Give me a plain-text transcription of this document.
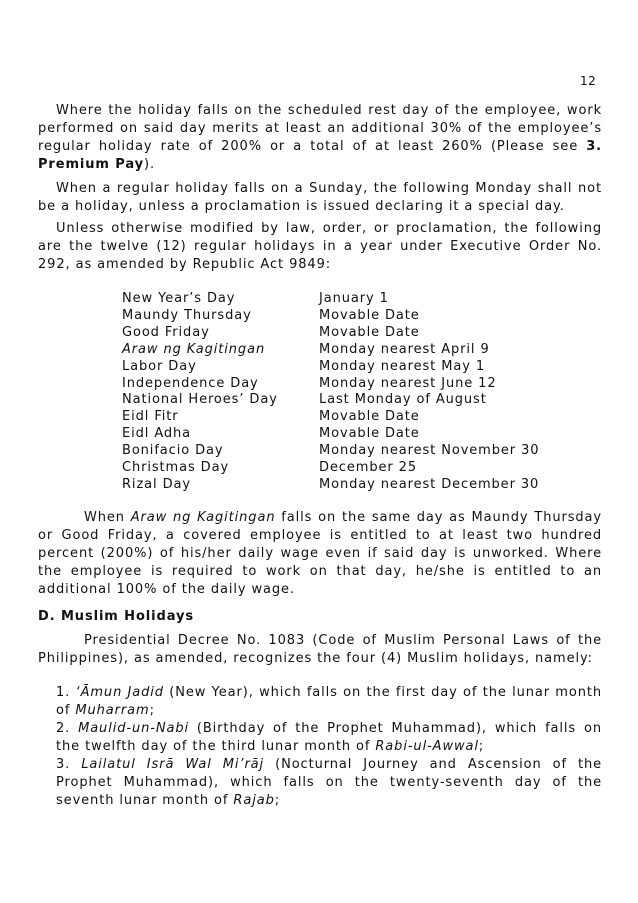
12

Where the holiday falls on the scheduled rest day of the employee, work performed on said day merits at least an additional 30% of the employee’s regular holiday rate of 200% or a total of at least 260% (Please see 3. Premium Pay).

When a regular holiday falls on a Sunday, the following Monday shall not be a holiday, unless a proclamation is issued declaring it a special day.

Unless otherwise modified by law, order, or proclamation, the following are the twelve (12) regular holidays in a year under Executive Order No. 292, as amended by Republic Act 9849:

New Year’s Day	January 1
Maundy Thursday	Movable Date
Good Friday	Movable Date
Araw ng Kagitingan	Monday nearest April 9
Labor Day	Monday nearest May 1
Independence Day	Monday nearest June 12
National Heroes’ Day	Last Monday of August
Eidl Fitr	Movable Date
Eidl Adha	Movable Date
Bonifacio Day	Monday nearest November 30
Christmas Day	December 25
Rizal Day	Monday nearest December 30

When Araw ng Kagitingan falls on the same day as Maundy Thursday or Good Friday, a covered employee is entitled to at least two hundred percent (200%) of his/her daily wage even if said day is unworked. Where the employee is required to work on that day, he/she is entitled to an additional 100% of the daily wage.

D. Muslim Holidays

Presidential Decree No. 1083 (Code of Muslim Personal Laws of the Philippines), as amended, recognizes the four (4) Muslim holidays, namely:

1. ‘Āmun Jadid (New Year), which falls on the first day of the lunar month of Muharram;

2. Maulid-un-Nabi (Birthday of the Prophet Muhammad), which falls on the twelfth day of the third lunar month of Rabi-ul-Awwal;

3. Lailatul Isrā Wal Mi’rāj (Nocturnal Journey and Ascension of the Prophet Muhammad), which falls on the twenty-seventh day of the seventh lunar month of Rajab;
